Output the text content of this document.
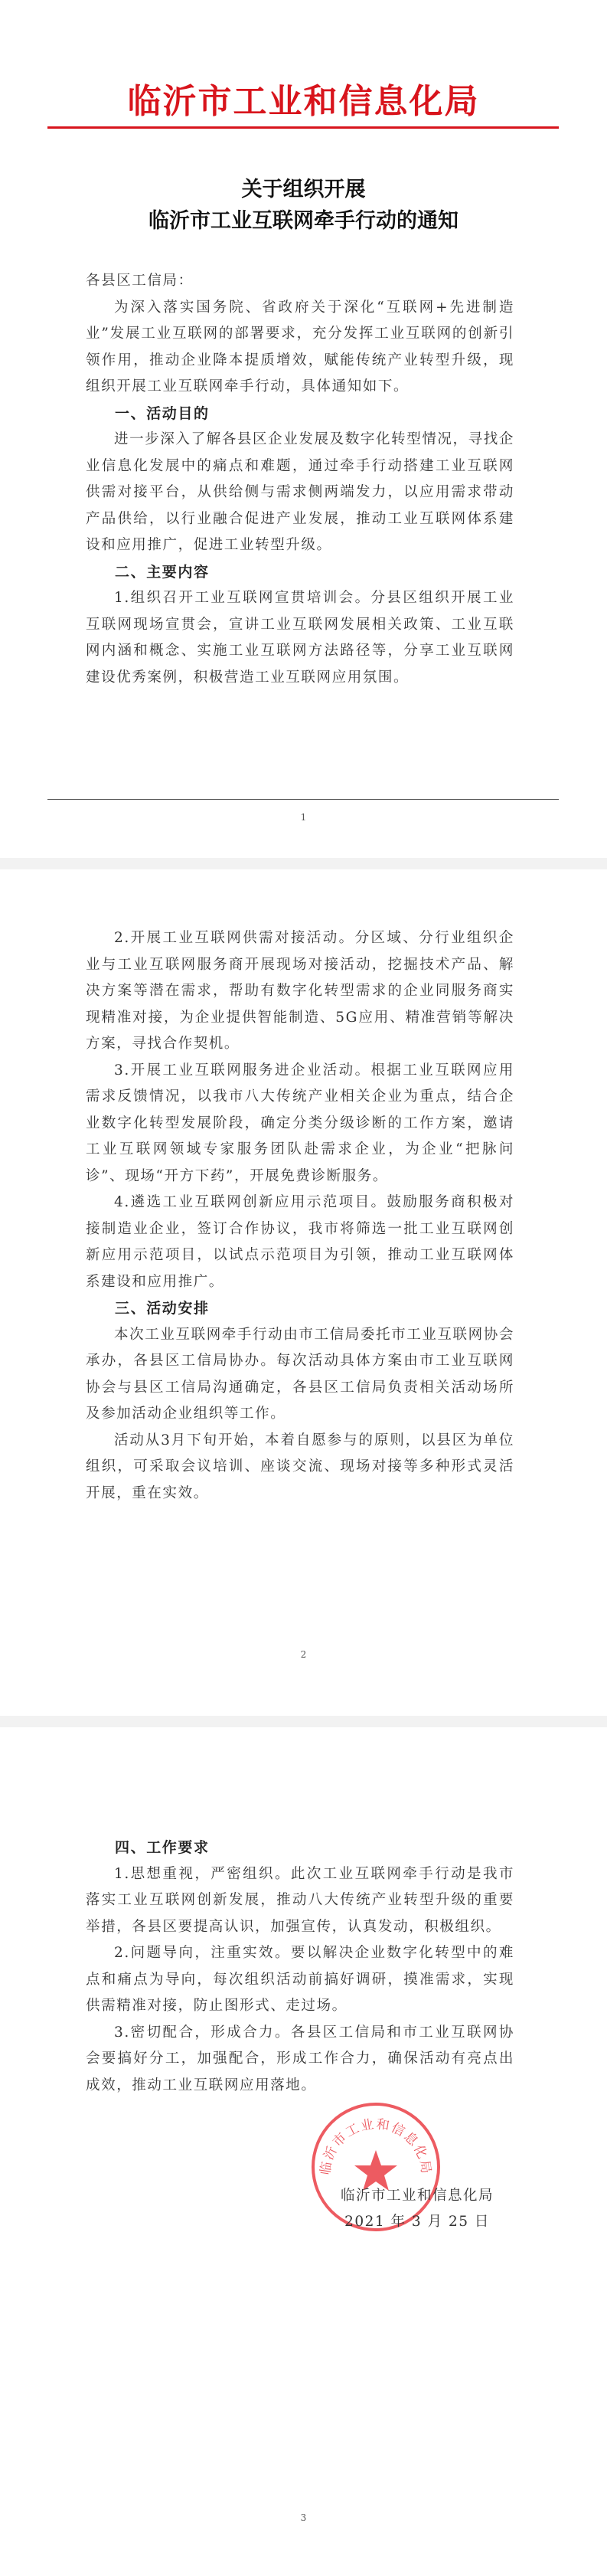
临沂市工业和信息化局
关于组织开展
临沂市工业互联网牵手行动的通知

各县区工信局：

为深入落实国务院、省政府关于深化“互联网+先进制造业”发展工业互联网的部署要求，充分发挥工业互联网的创新引领作用，推动企业降本提质增效，赋能传统产业转型升级，现组织开展工业互联网牵手行动，具体通知如下。

一、活动目的

进一步深入了解各县区企业发展及数字化转型情况，寻找企业信息化发展中的痛点和难题，通过牵手行动搭建工业互联网供需对接平台，从供给侧与需求侧两端发力，以应用需求带动产品供给，以行业融合促进产业发展，推动工业互联网体系建设和应用推广，促进工业转型升级。

二、主要内容

1.组织召开工业互联网宣贯培训会。分县区组织开展工业互联网现场宣贯会，宣讲工业互联网发展相关政策、工业互联网内涵和概念、实施工业互联网方法路径等，分享工业互联网建设优秀案例，积极营造工业互联网应用氛围。

1

2.开展工业互联网供需对接活动。分区域、分行业组织企业与工业互联网服务商开展现场对接活动，挖掘技术产品、解决方案等潜在需求，帮助有数字化转型需求的企业同服务商实现精准对接，为企业提供智能制造、5G应用、精准营销等解决方案，寻找合作契机。

3.开展工业互联网服务进企业活动。根据工业互联网应用需求反馈情况，以我市八大传统产业相关企业为重点，结合企业数字化转型发展阶段，确定分类分级诊断的工作方案，邀请工业互联网领域专家服务团队赴需求企业，为企业“把脉问诊”、现场“开方下药”，开展免费诊断服务。

4.遴选工业互联网创新应用示范项目。鼓励服务商积极对接制造业企业，签订合作协议，我市将筛选一批工业互联网创新应用示范项目，以试点示范项目为引领，推动工业互联网体系建设和应用推广。

三、活动安排

本次工业互联网牵手行动由市工信局委托市工业互联网协会承办，各县区工信局协办。每次活动具体方案由市工业互联网协会与县区工信局沟通确定，各县区工信局负责相关活动场所及参加活动企业组织等工作。

活动从3月下旬开始，本着自愿参与的原则，以县区为单位组织，可采取会议培训、座谈交流、现场对接等多种形式灵活开展，重在实效。

2
四、工作要求

1.思想重视，严密组织。此次工业互联网牵手行动是我市落实工业互联网创新发展，推动八大传统产业转型升级的重要举措，各县区要提高认识，加强宣传，认真发动，积极组织。

2.问题导向，注重实效。要以解决企业数字化转型中的难点和痛点为导向，每次组织活动前搞好调研，摸准需求，实现供需精准对接，防止图形式、走过场。

3.密切配合，形成合力。各县区工信局和市工业互联网协会要搞好分工，加强配合，形成工作合力，确保活动有亮点出成效，推动工业互联网应用落地。

临沂市工业和信息化局
临沂市工业和信息化局
2021 年 3 月 25 日
3
